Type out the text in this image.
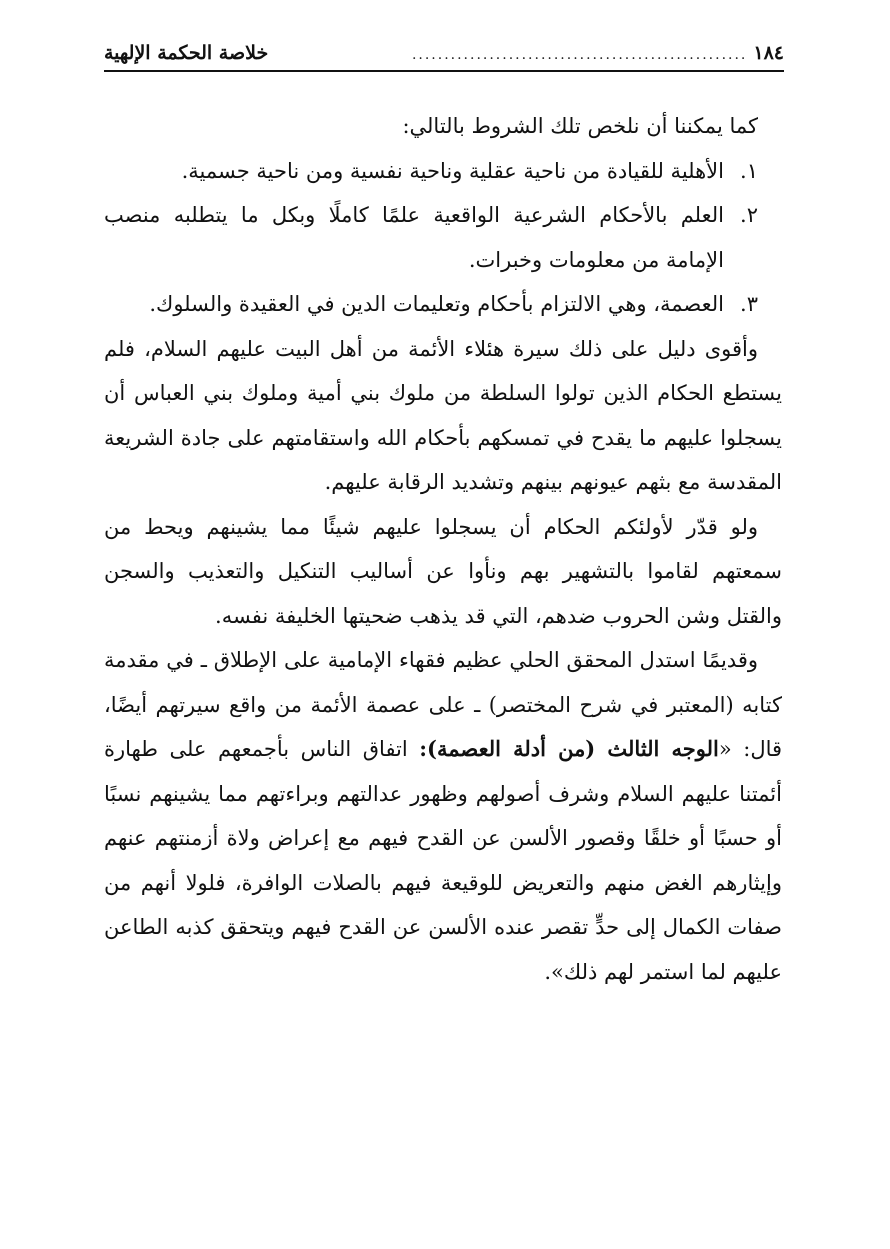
١٨٤
....................................................
خلاصة الحكمة الإلهية

كما يمكننا أن نلخص تلك الشروط بالتالي:

١.
الأهلية للقيادة من ناحية عقلية وناحية نفسية ومن ناحية جسمية.
٢.
العلم بالأحكام الشرعية الواقعية علمًا كاملًا وبكل ما يتطلبه منصب الإمامة من معلومات وخبرات.
٣.
العصمة، وهي الالتزام بأحكام وتعليمات الدين في العقيدة والسلوك.

وأقوى دليل على ذلك سيرة هئلاء الأئمة من أهل البيت عليهم السلام، فلم يستطع الحكام الذين تولوا السلطة من ملوك بني أمية وملوك بني العباس أن يسجلوا عليهم ما يقدح في تمسكهم بأحكام الله واستقامتهم على جادة الشريعة المقدسة مع بثهم عيونهم بينهم وتشديد الرقابة عليهم.

ولو قدّر لأولئكم الحكام أن يسجلوا عليهم شيئًا مما يشينهم ويحط من سمعتهم لقاموا بالتشهير بهم ونأوا عن أساليب التنكيل والتعذيب والسجن والقتل وشن الحروب ضدهم، التي قد يذهب ضحيتها الخليفة نفسه.

وقديمًا استدل المحقق الحلي عظيم فقهاء الإمامية على الإطلاق ـ في مقدمة كتابه (المعتبر في شرح المختصر) ـ على عصمة الأئمة من واقع سيرتهم أيضًا، قال: «الوجه الثالث (من أدلة العصمة): اتفاق الناس بأجمعهم على طهارة أئمتنا عليهم السلام وشرف أصولهم وظهور عدالتهم وبراءتهم مما يشينهم نسبًا أو حسبًا أو خلقًا وقصور الألسن عن القدح فيهم مع إعراض ولاة أزمنتهم عنهم وإيثارهم الغض منهم والتعريض للوقيعة فيهم بالصلات الوافرة، فلولا أنهم من صفات الكمال إلى حدٍّ تقصر عنده الألسن عن القدح فيهم ويتحقق كذبه الطاعن عليهم لما استمر لهم ذلك».
